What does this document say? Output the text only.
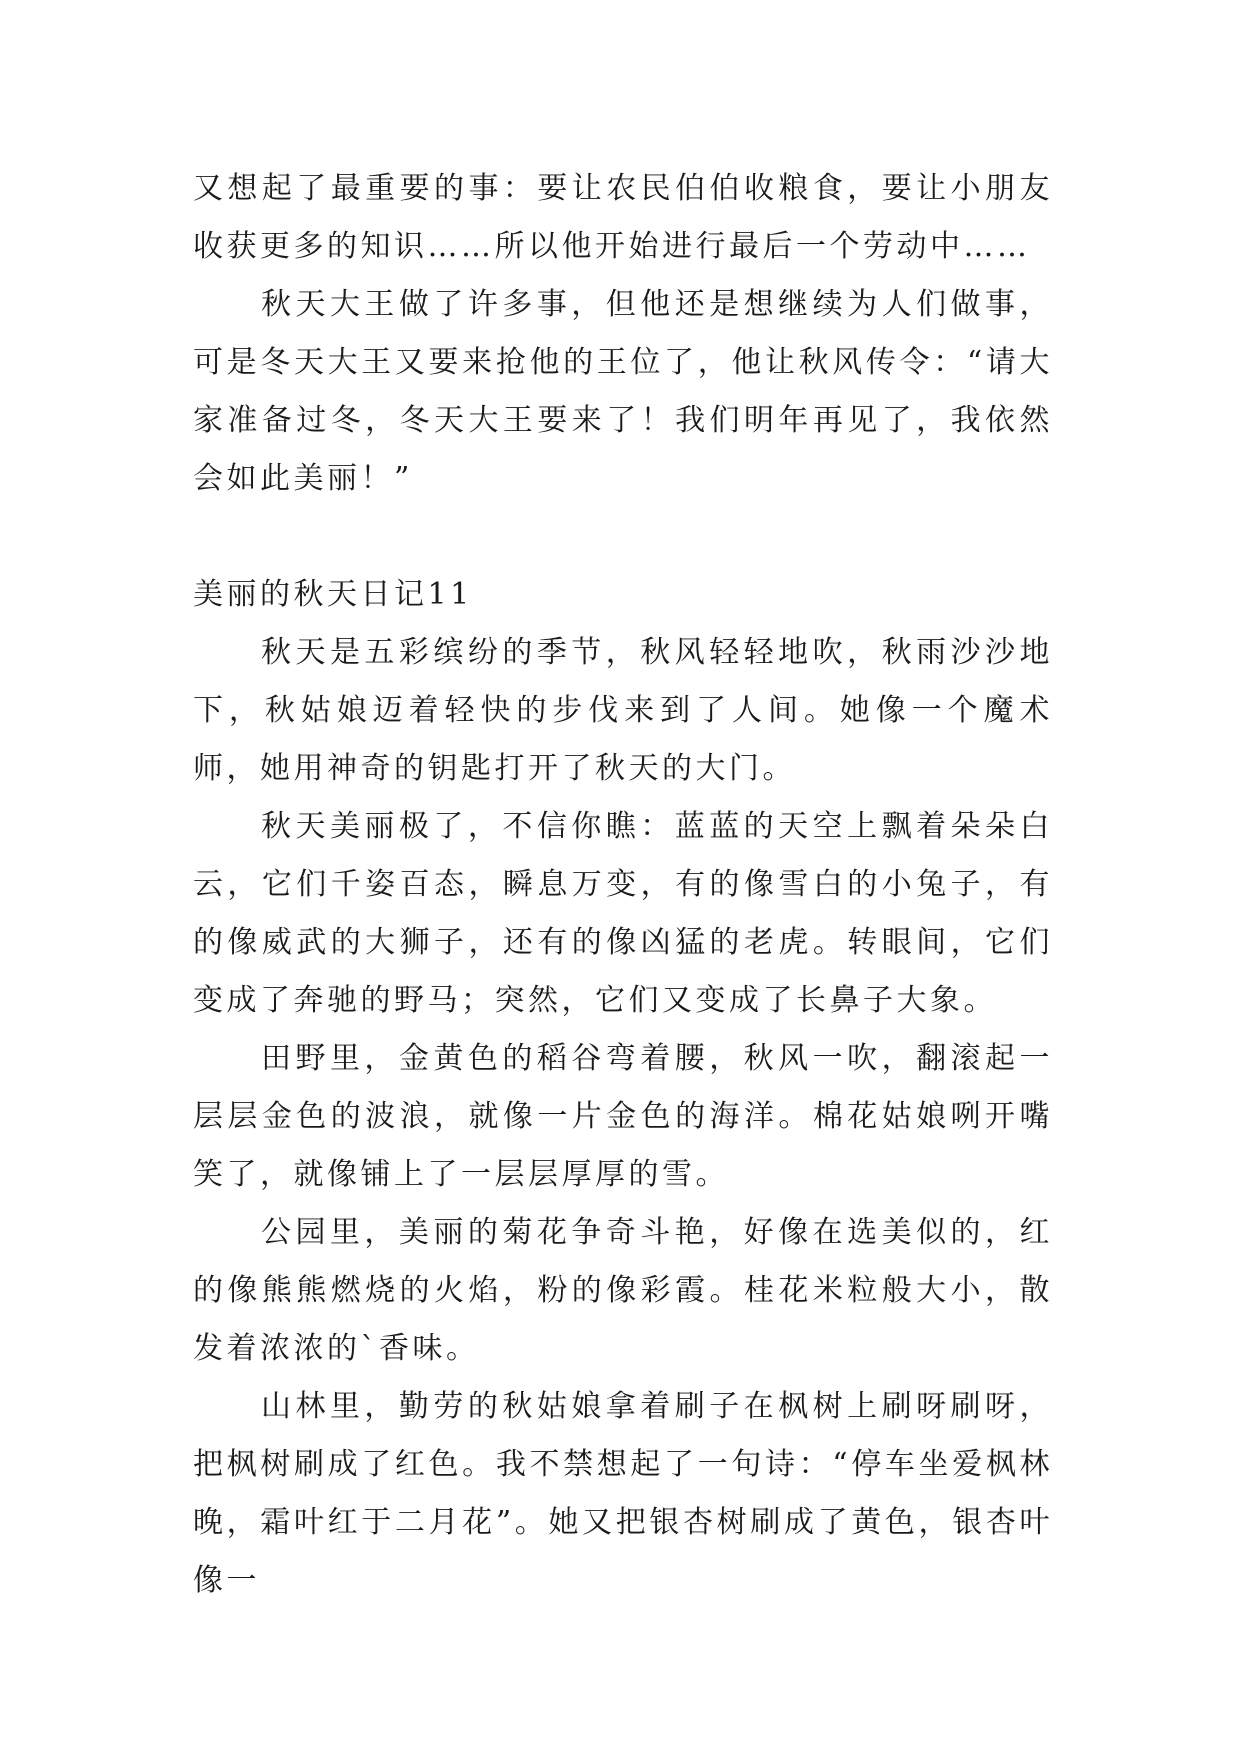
又想起了最重要的事：要让农民伯伯收粮食，要让小朋友收获更多的知识……所以他开始进行最后一个劳动中……

秋天大王做了许多事，但他还是想继续为人们做事，可是冬天大王又要来抢他的王位了，他让秋风传令：“请大家准备过冬，冬天大王要来了！我们明年再见了，我依然会如此美丽！”

美丽的秋天日记11

秋天是五彩缤纷的季节，秋风轻轻地吹，秋雨沙沙地下，秋姑娘迈着轻快的步伐来到了人间。她像一个魔术师，她用神奇的钥匙打开了秋天的大门。

秋天美丽极了，不信你瞧：蓝蓝的天空上飘着朵朵白云，它们千姿百态，瞬息万变，有的像雪白的小兔子，有的像威武的大狮子，还有的像凶猛的老虎。转眼间，它们变成了奔驰的野马；突然，它们又变成了长鼻子大象。

田野里，金黄色的稻谷弯着腰，秋风一吹，翻滚起一层层金色的波浪，就像一片金色的海洋。棉花姑娘咧开嘴笑了，就像铺上了一层层厚厚的雪。

公园里，美丽的菊花争奇斗艳，好像在选美似的，红的像熊熊燃烧的火焰，粉的像彩霞。桂花米粒般大小，散发着浓浓的`香味。

山林里，勤劳的秋姑娘拿着刷子在枫树上刷呀刷呀，把枫树刷成了红色。我不禁想起了一句诗：“停车坐爱枫林晚，霜叶红于二月花”。她又把银杏树刷成了黄色，银杏叶像一
